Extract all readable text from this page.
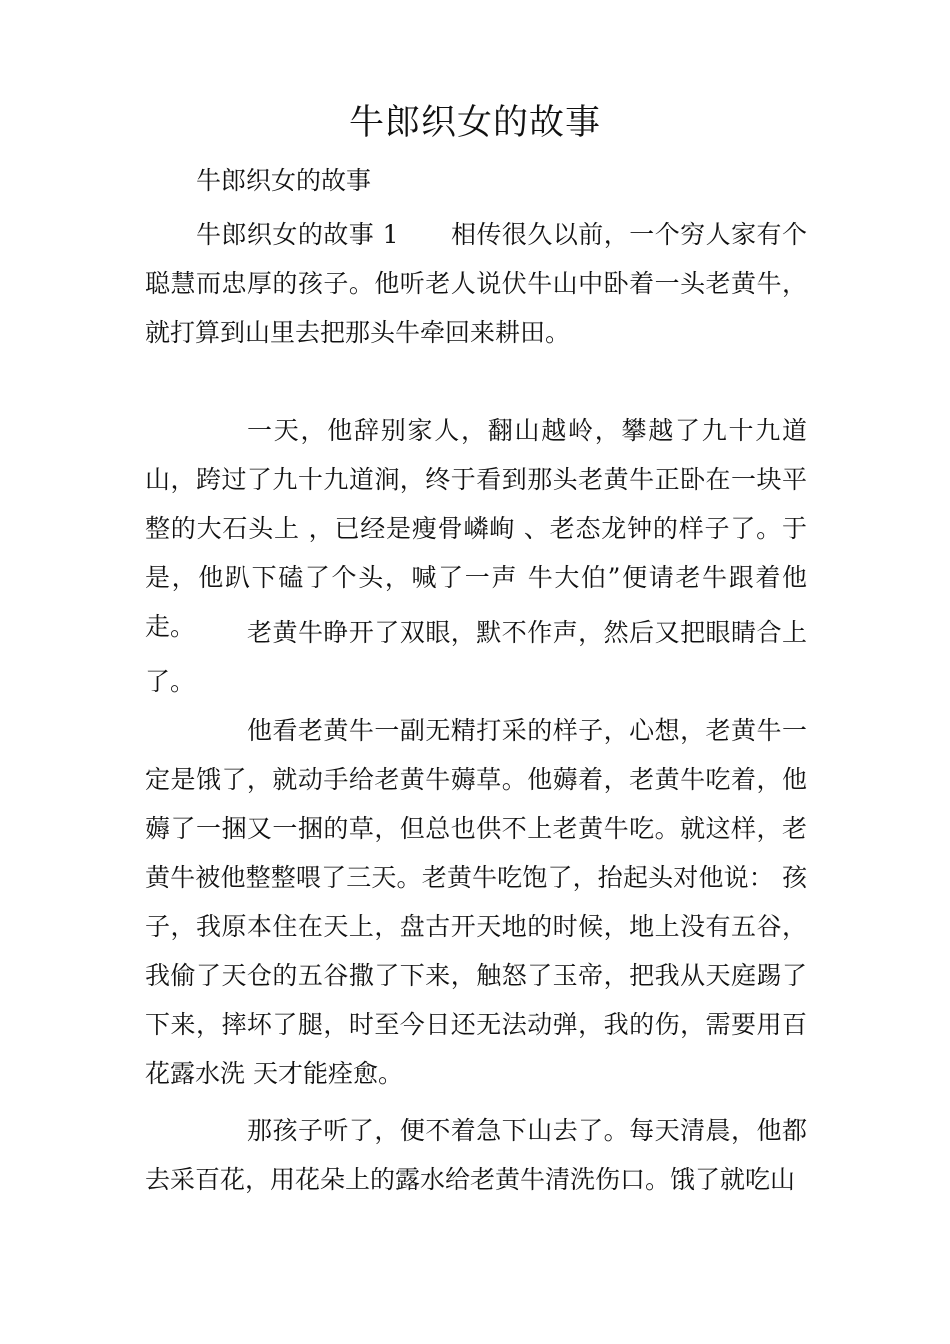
牛郎织女的故事
牛郎织女的故事
牛郎织女的故事 1 相传很久以前，一个穷人家有个聪慧而忠厚的孩子。他听老人说伏牛山中卧着一头老黄牛，就打算到山里去把那头牛牵回来耕田。
一天，他辞别家人，翻山越岭，攀越了九十九道山，跨过了九十九道涧，终于看到那头老黄牛正卧在一块平整的大石头上 ，已经是瘦骨嶙峋 、老态龙钟的样子了。于是，他趴下磕了个头，喊了一声 牛大伯”便请老牛跟着他走。	老黄牛睁开了双眼，默不作声，然后又把眼睛合上了。
他看老黄牛一副无精打采的样子，心想，老黄牛一定是饿了，就动手给老黄牛薅草。他薅着，老黄牛吃着，他薅了一捆又一捆的草，但总也供不上老黄牛吃。就这样，老黄牛被他整整喂了三天。老黄牛吃饱了，抬起头对他说： 孩子，我原本住在天上，盘古开天地的时候，地上没有五谷，我偷了天仓的五谷撒了下来，触怒了玉帝，把我从天庭踢了下来，摔坏了腿，时至今日还无法动弹，我的伤，需要用百花露水洗 天才能痊愈。
那孩子听了，便不着急下山去了。每天清晨，他都去采百花，用花朵上的露水给老黄牛清洗伤口。饿了就吃山
